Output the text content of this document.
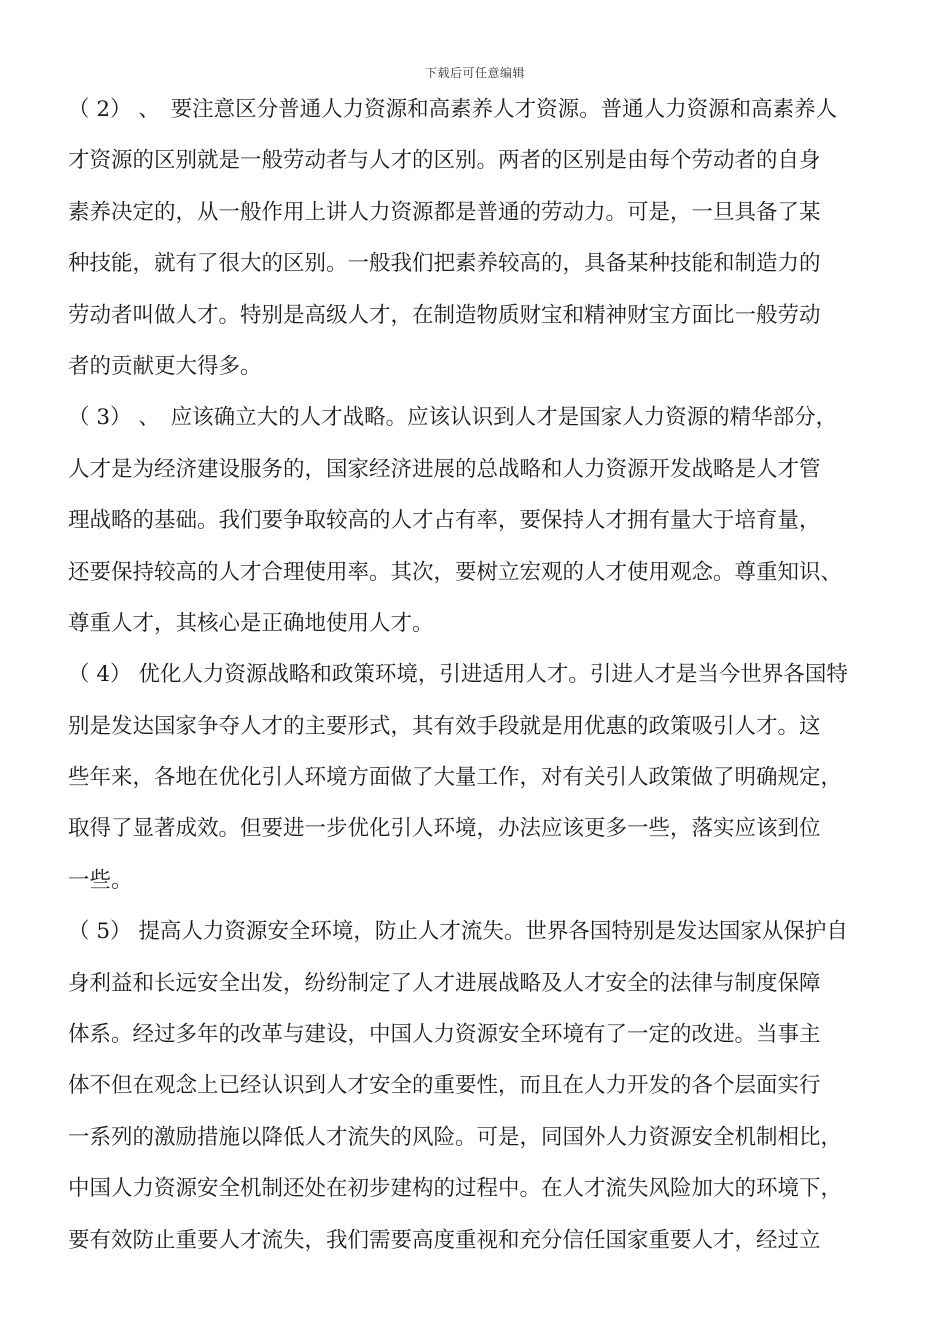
下载后可任意编辑
（ 2） 、　要注意区分普通人力资源和高素养人才资源。普通人力资源和高素养人
才资源的区别就是一般劳动者与人才的区别。两者的区别是由每个劳动者的自身
素养决定的，从一般作用上讲人力资源都是普通的劳动力。可是，一旦具备了某
种技能，就有了很大的区别。一般我们把素养较高的，具备某种技能和制造力的
劳动者叫做人才。特别是高级人才，在制造物质财宝和精神财宝方面比一般劳动
者的贡献更大得多。
（ 3） 、　应该确立大的人才战略。应该认识到人才是国家人力资源的精华部分，
人才是为经济建设服务的，国家经济进展的总战略和人力资源开发战略是人才管
理战略的基础。我们要争取较高的人才占有率，要保持人才拥有量大于培育量，
还要保持较高的人才合理使用率。其次，要树立宏观的人才使用观念。尊重知识、
尊重人才，其核心是正确地使用人才。
（ 4） 优化人力资源战略和政策环境，引进适用人才。引进人才是当今世界各国特
别是发达国家争夺人才的主要形式，其有效手段就是用优惠的政策吸引人才。这
些年来，各地在优化引人环境方面做了大量工作，对有关引人政策做了明确规定，
取得了显著成效。但要进一步优化引人环境，办法应该更多一些，落实应该到位
一些。
（ 5） 提高人力资源安全环境，防止人才流失。世界各国特别是发达国家从保护自
身利益和长远安全出发，纷纷制定了人才进展战略及人才安全的法律与制度保障
体系。经过多年的改革与建设，中国人力资源安全环境有了一定的改进。当事主
体不但在观念上已经认识到人才安全的重要性，而且在人力开发的各个层面实行
一系列的激励措施以降低人才流失的风险。可是，同国外人力资源安全机制相比，
中国人力资源安全机制还处在初步建构的过程中。在人才流失风险加大的环境下，
要有效防止重要人才流失，我们需要高度重视和充分信任国家重要人才，经过立
